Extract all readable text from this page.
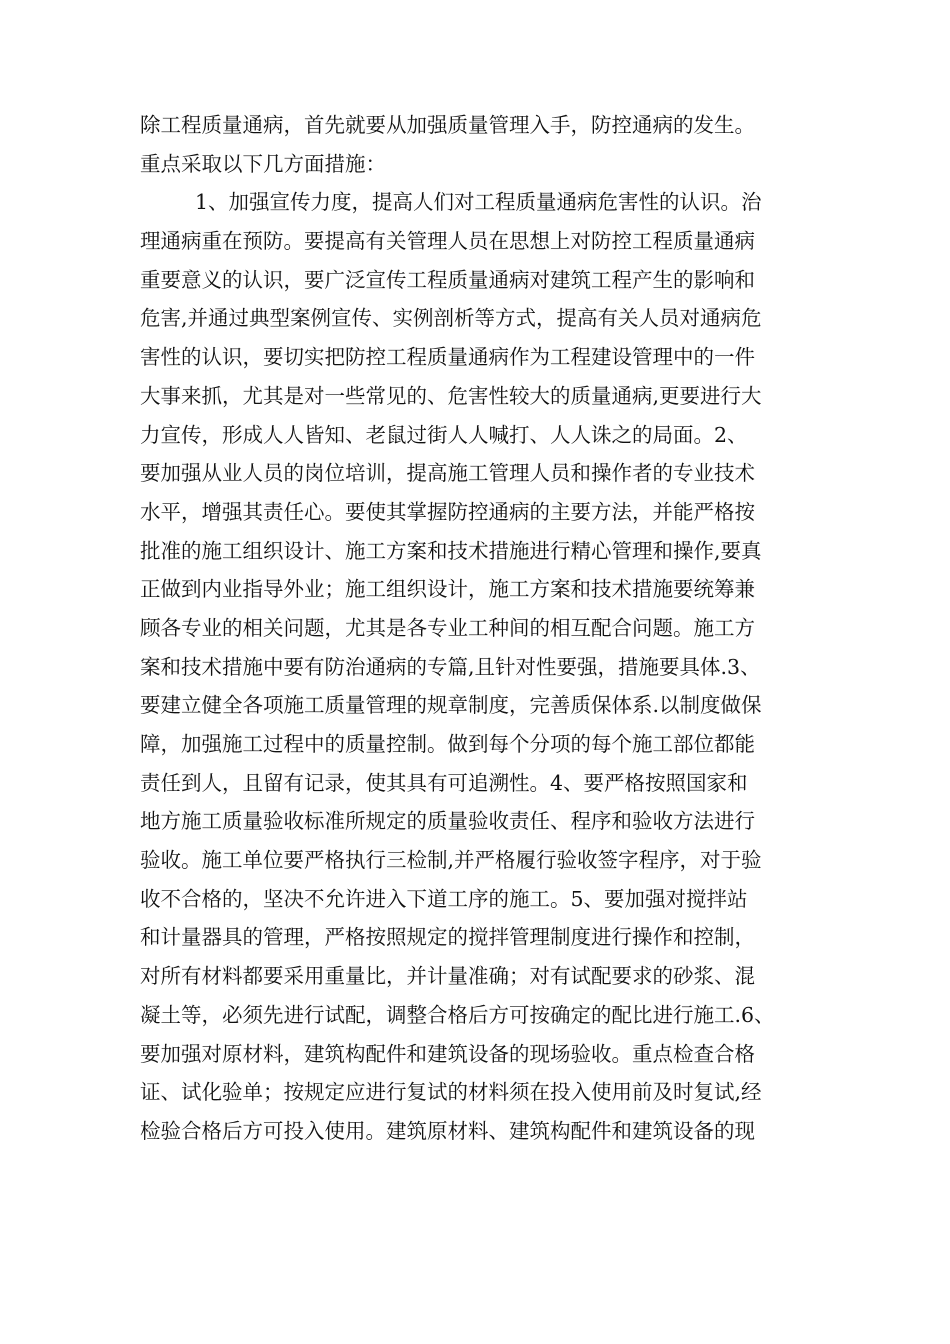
除工程质量通病，首先就要从加强质量管理入手，防控通病的发生。
重点采取以下几方面措施：
1、加强宣传力度，提高人们对工程质量通病危害性的认识。治
理通病重在预防。要提高有关管理人员在思想上对防控工程质量通病
重要意义的认识，要广泛宣传工程质量通病对建筑工程产生的影响和
危害,并通过典型案例宣传、实例剖析等方式，提高有关人员对通病危
害性的认识，要切实把防控工程质量通病作为工程建设管理中的一件
大事来抓，尤其是对一些常见的、危害性较大的质量通病,更要进行大
力宣传，形成人人皆知、老鼠过街人人喊打、人人诛之的局面。2、
要加强从业人员的岗位培训，提高施工管理人员和操作者的专业技术
水平，增强其责任心。要使其掌握防控通病的主要方法，并能严格按
批准的施工组织设计、施工方案和技术措施进行精心管理和操作,要真
正做到内业指导外业；施工组织设计，施工方案和技术措施要统筹兼
顾各专业的相关问题，尤其是各专业工种间的相互配合问题。施工方
案和技术措施中要有防治通病的专篇,且针对性要强，措施要具体.3、
要建立健全各项施工质量管理的规章制度，完善质保体系.以制度做保
障，加强施工过程中的质量控制。做到每个分项的每个施工部位都能
责任到人，且留有记录，使其具有可追溯性。4、要严格按照国家和
地方施工质量验收标准所规定的质量验收责任、程序和验收方法进行
验收。施工单位要严格执行三检制,并严格履行验收签字程序，对于验
收不合格的，坚决不允许进入下道工序的施工。5、要加强对搅拌站
和计量器具的管理，严格按照规定的搅拌管理制度进行操作和控制，
对所有材料都要采用重量比，并计量准确；对有试配要求的砂浆、混
凝土等，必须先进行试配，调整合格后方可按确定的配比进行施工.6、
要加强对原材料，建筑构配件和建筑设备的现场验收。重点检查合格
证、试化验单；按规定应进行复试的材料须在投入使用前及时复试,经
检验合格后方可投入使用。建筑原材料、建筑构配件和建筑设备的现
